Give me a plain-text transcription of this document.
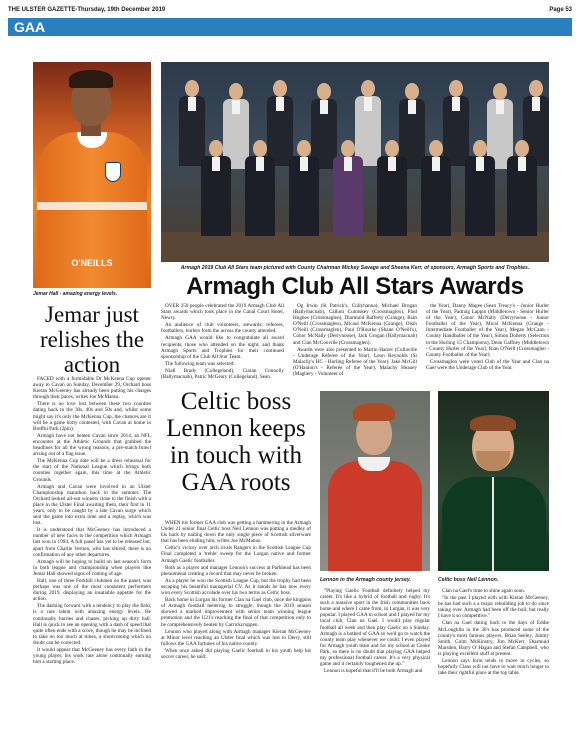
THE ULSTER GAZETTE-Thursday, 19th December 2019	Page 53
GAA
O'NEILLS
Jemar Hall - amazing energy levels.
Jemar just relishes the action

FACED with a formidable Dr McKenna Cup opener away to Cavan on Sunday, December 29, Orchard boss Kieran McGeeney has already been putting his charges through their paces, writes Joe McManus.

There is no love lost between these two counties dating back to the 30s, 40s and 50s and, whilst some might say it's only the McKenna Cup, the chances are it will be a game hotly contested, with Cavan at home in Breffni Park (2pm).

Armagh have not beaten Cavan since 2014, an NFL encounter at the Athletic Grounds that grabbed the headlines for all the wrong reasons, a pre-match brawl arising out of a flag issue.

The McKenna Cup date will be a dress rehearsal for the start of the National League which brings both counties together again, this time at the Athletic Grounds.

Armagh and Cavan were involved in an Ulster Championship marathon back in the summer. The Orchard looked all-out winners close to the finish with a place in the Ulster Final awaiting them, their first in 11 years, only to be caught by a late Cavan surge which sent the game into extra time and a replay, which was lost.

It is understood that McGeeney has introduced a number of new faces to the competition which Armagh last won in 1994. A full panel has yet to be released but, apart from Charlie Vernon, who has retired, there is no confirmation of any other departures.

Armagh will be hoping to build on last season's form in both league and championship when players like Jemar Hall showed signs of coming of age.

Hall, one of three Forkhill clubmen on the panel, was perhaps was one of the most consistent performers during 2019, displaying an insatiable appetite for the action.

The dashing forward with a tendency to play the field, is a rare talent with amazing energy levels. He continually harries and chases, picking up dirty ball. Hall is quick to see an opening with a dash of speed that quite often ends with a score, though he may be inclined to take on too much at times, a shortcoming which no doubt can be corrected.

It would appear that McGeeney has every faith in the young player, his work rate alone continually earning him a starting place.

Armagh 2019 Club All Stars team pictured with County Chairman Mickey Savage and Sheena Kerr, of sponsors, Armagh Sports and Trophies.
Armagh Club All Stars Awards

OVER 250 people celebrated the 2019 Armagh Club All Stars awards which took place in the Canal Court Hotel, Newry.

An audience of club volunteers, stewards, referees, footballers, hurlers from the across the county attended.

Armagh GAA would like to congratulate all award recipients, those who attended on the night, and thank Armagh Sports and Trophies for their continued sponsorship of the Club All Star Team.

The following team was selected:

Niall Brady (Collegeland), Ciaran Connolly (Ballymacnab), Patric McGeary (Collegeland), Sean

Og Irwin (St Patrick's, Cullyhanna), Michael Brogan (Ballymacnab), Callum Cumiskey (Crossmaglen), Paul Hughes (Crossmaglen), Diarmuid Rafferty (Grange), Rian O'Neill (Crossmaglen), Micaul McKenna (Grange), Oisin O'Neill (Crossmaglen), Paul O'Rourke (Shane O'Neill's), Conor McNally (Derrynoose), Jack Grogan (Ballymacnab) and Cian McConville (Crossmaglen).

Awards were also presented to Martin Hatzer (Cullaville - Underage Referee of the Year), Leon Reynolds (St Malachy's HC - Hurling Referee of the Year), Jake McGill (O'Hanlon's - Referee of the Year), Malachy Heaney (Maghery - Volunteer of

the Year), Danny Magee (Sean Treacy's - Junior Hurler of the Year), Padraig Lappin (Middletown - Senior Hurler of the Year), Conor McNally (Derrynoose - Junior Footballer of the Year), Mical McKenna (Grange - Intermediate Footballer of the Year), Megan McCann - County Handballer of the Year), Simon Doherty (Selection to the Hurling 15 Champions), Dean Gaffney (Middletown - County Hurler of the Year), Rian O'Neill (Crossmaglen - County Footballer of the Year).

Crossmaglen were voted Club of the Year and Clan na Gael were the Underage Club of the Year.

Celtic boss Lennon keeps in touch with GAA roots

WHEN his former GAA club was getting a hammering in the Armagh Under 21 senior final Celtic boss Neil Lennon was putting a medley of his back by nailing down the only single piece of Scottish silverware that has been eluding him, writes Joe McManus.

Celtic's victory over arch rivals Rangers in the Scottish League Cup Final completed a 'treble' sweep for the Lurgan native and former Armagh Gaelic footballer.

Both as a player and manager Lennon's success at Parkhead has been phenomenal creating a record that may never be broken.

As a player he won the Scottish League Cup, but the trophy had been escaping his beautiful managerial CV. As it stands he has now every won every Scottish accolade over his two terms as Celtic boss.

Back home in Lurgan his former Clan na Gael club, once the kingpins of Armagh football teetering to struggle, though the 2019 season showed a marked improvement with senior team winning league promotion and the U21's reaching the final of that competition only to be comprehensively beaten by Carrickcruppen.

Lennon who played along with Armagh manager Kieran McGeeney at Minor level reaching an Ulster final which was lost to Derry, still follows the GAA fortunes of his native county.

When once asked did playing Gaelic football in his youth help his soccer career, he said:

Lennon in the Armagh county jersey.	Celtic boss Neil Lennon.

"Playing Gaelic Football definitely helped my career. It's like a hybrid of football and rugby. It's such a massive sport in the Irish communities back home and where I came from, in Lurgan, it was very popular. I played GAA in school and I played for my local club, Clan na Gael. I would play regular football all week and then play Gaelic on a Sunday. Armagh is a hotbed of GAA so we'd go to watch the county team play whenever we could. I even played for Armagh youth team and for my school at Cooke Park, so there is no doubt that playing GAA helped my professional football career. It's a very physical game and it certainly toughened me up."

Lennon is hopeful that it'll be both Armagh and

Clan na Gael's time to shine again soon.

"In the past I played with with Kieran McGeeney, he has had such a a major rebuilding job to do since taking over. Armagh had been off the boil, but really I have it so competitive."

Clan na Gael dating back to the days of Eddie McLoughlin in the 30's has produced some of the county's most famous players, Brian Seeley, Jimmy Smith, Colm McKinstry, Jim McKerr, Diarmuid Marsden, Barry O' Hagan and Stefan Campbell, who is playing excellent stuff at present.

Lennon says form tends to move in cycles, so hopefully Clans will not have to wait much longer to take their rightful place at the top table.
